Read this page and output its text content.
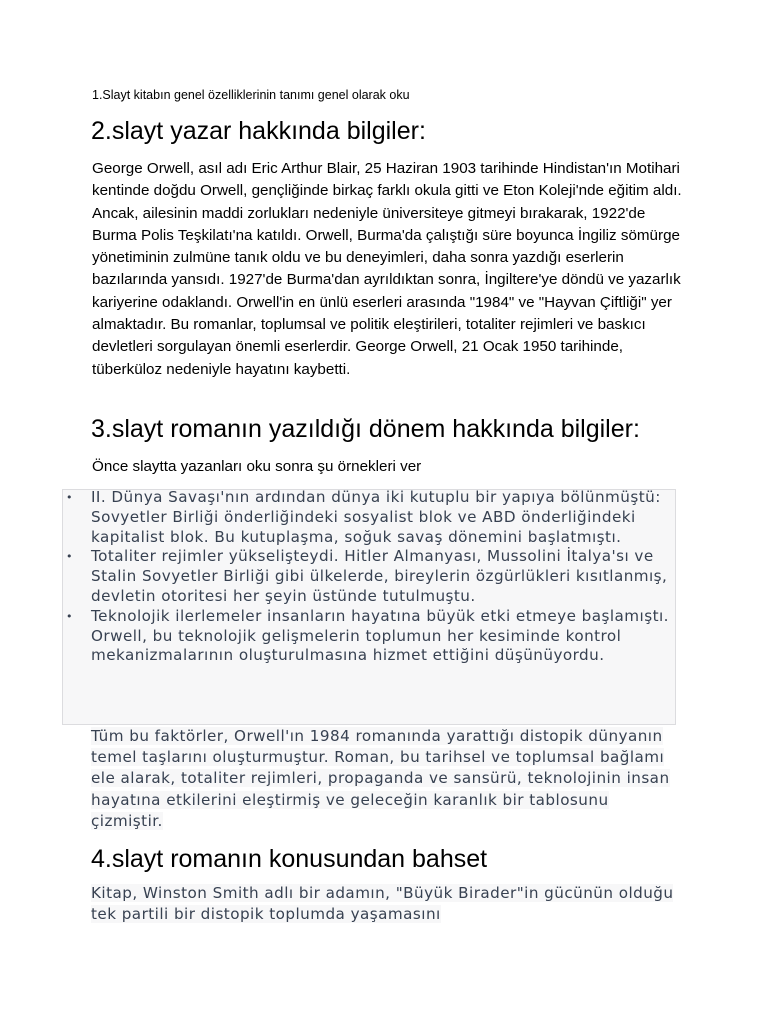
1.Slayt kitabın genel özelliklerinin tanımı genel olarak oku
2.slayt yazar hakkında bilgiler:

George Orwell, asıl adı Eric Arthur Blair, 25 Haziran 1903 tarihinde Hindistan'ın Motihari kentinde doğdu Orwell, gençliğinde birkaç farklı okula gitti ve Eton Koleji'nde eğitim aldı. Ancak, ailesinin maddi zorlukları nedeniyle üniversiteye gitmeyi bırakarak, 1922'de Burma Polis Teşkilatı'na katıldı. Orwell, Burma'da çalıştığı süre boyunca İngiliz sömürge yönetiminin zulmüne tanık oldu ve bu deneyimleri, daha sonra yazdığı eserlerin bazılarında yansıdı. 1927'de Burma'dan ayrıldıktan sonra, İngiltere'ye döndü ve yazarlık kariyerine odaklandı. Orwell'in en ünlü eserleri arasında "1984" ve "Hayvan Çiftliği" yer almaktadır. Bu romanlar, toplumsal ve politik eleştirileri, totaliter rejimleri ve baskıcı devletleri sorgulayan önemli eserlerdir. George Orwell, 21 Ocak 1950 tarihinde, tüberküloz nedeniyle hayatını kaybetti.

3.slayt romanın yazıldığı dönem hakkında bilgiler:

Önce slaytta yazanları oku sonra şu örnekleri ver

• II. Dünya Savaşı'nın ardından dünya iki kutuplu bir yapıya bölünmüştü: Sovyetler Birliği önderliğindeki sosyalist blok ve ABD önderliğindeki kapitalist blok. Bu kutuplaşma, soğuk savaş dönemini başlatmıştı.
• Totaliter rejimler yükselişteydi. Hitler Almanyası, Mussolini İtalya'sı ve Stalin Sovyetler Birliği gibi ülkelerde, bireylerin özgürlükleri kısıtlanmış, devletin otoritesi her şeyin üstünde tutulmuştu.
• Teknolojik ilerlemeler insanların hayatına büyük etki etmeye başlamıştı. Orwell, bu teknolojik gelişmelerin toplumun her kesiminde kontrol mekanizmalarının oluşturulmasına hizmet ettiğini düşünüyordu.

Tüm bu faktörler, Orwell'ın 1984 romanında yarattığı distopik dünyanın temel taşlarını oluşturmuştur. Roman, bu tarihsel ve toplumsal bağlamı ele alarak, totaliter rejimleri, propaganda ve sansürü, teknolojinin insan hayatına etkilerini eleştirmiş ve geleceğin karanlık bir tablosunu çizmiştir.

4.slayt romanın konusundan bahset

Kitap, Winston Smith adlı bir adamın, "Büyük Birader"in gücünün olduğu tek partili bir distopik toplumda yaşamasını
